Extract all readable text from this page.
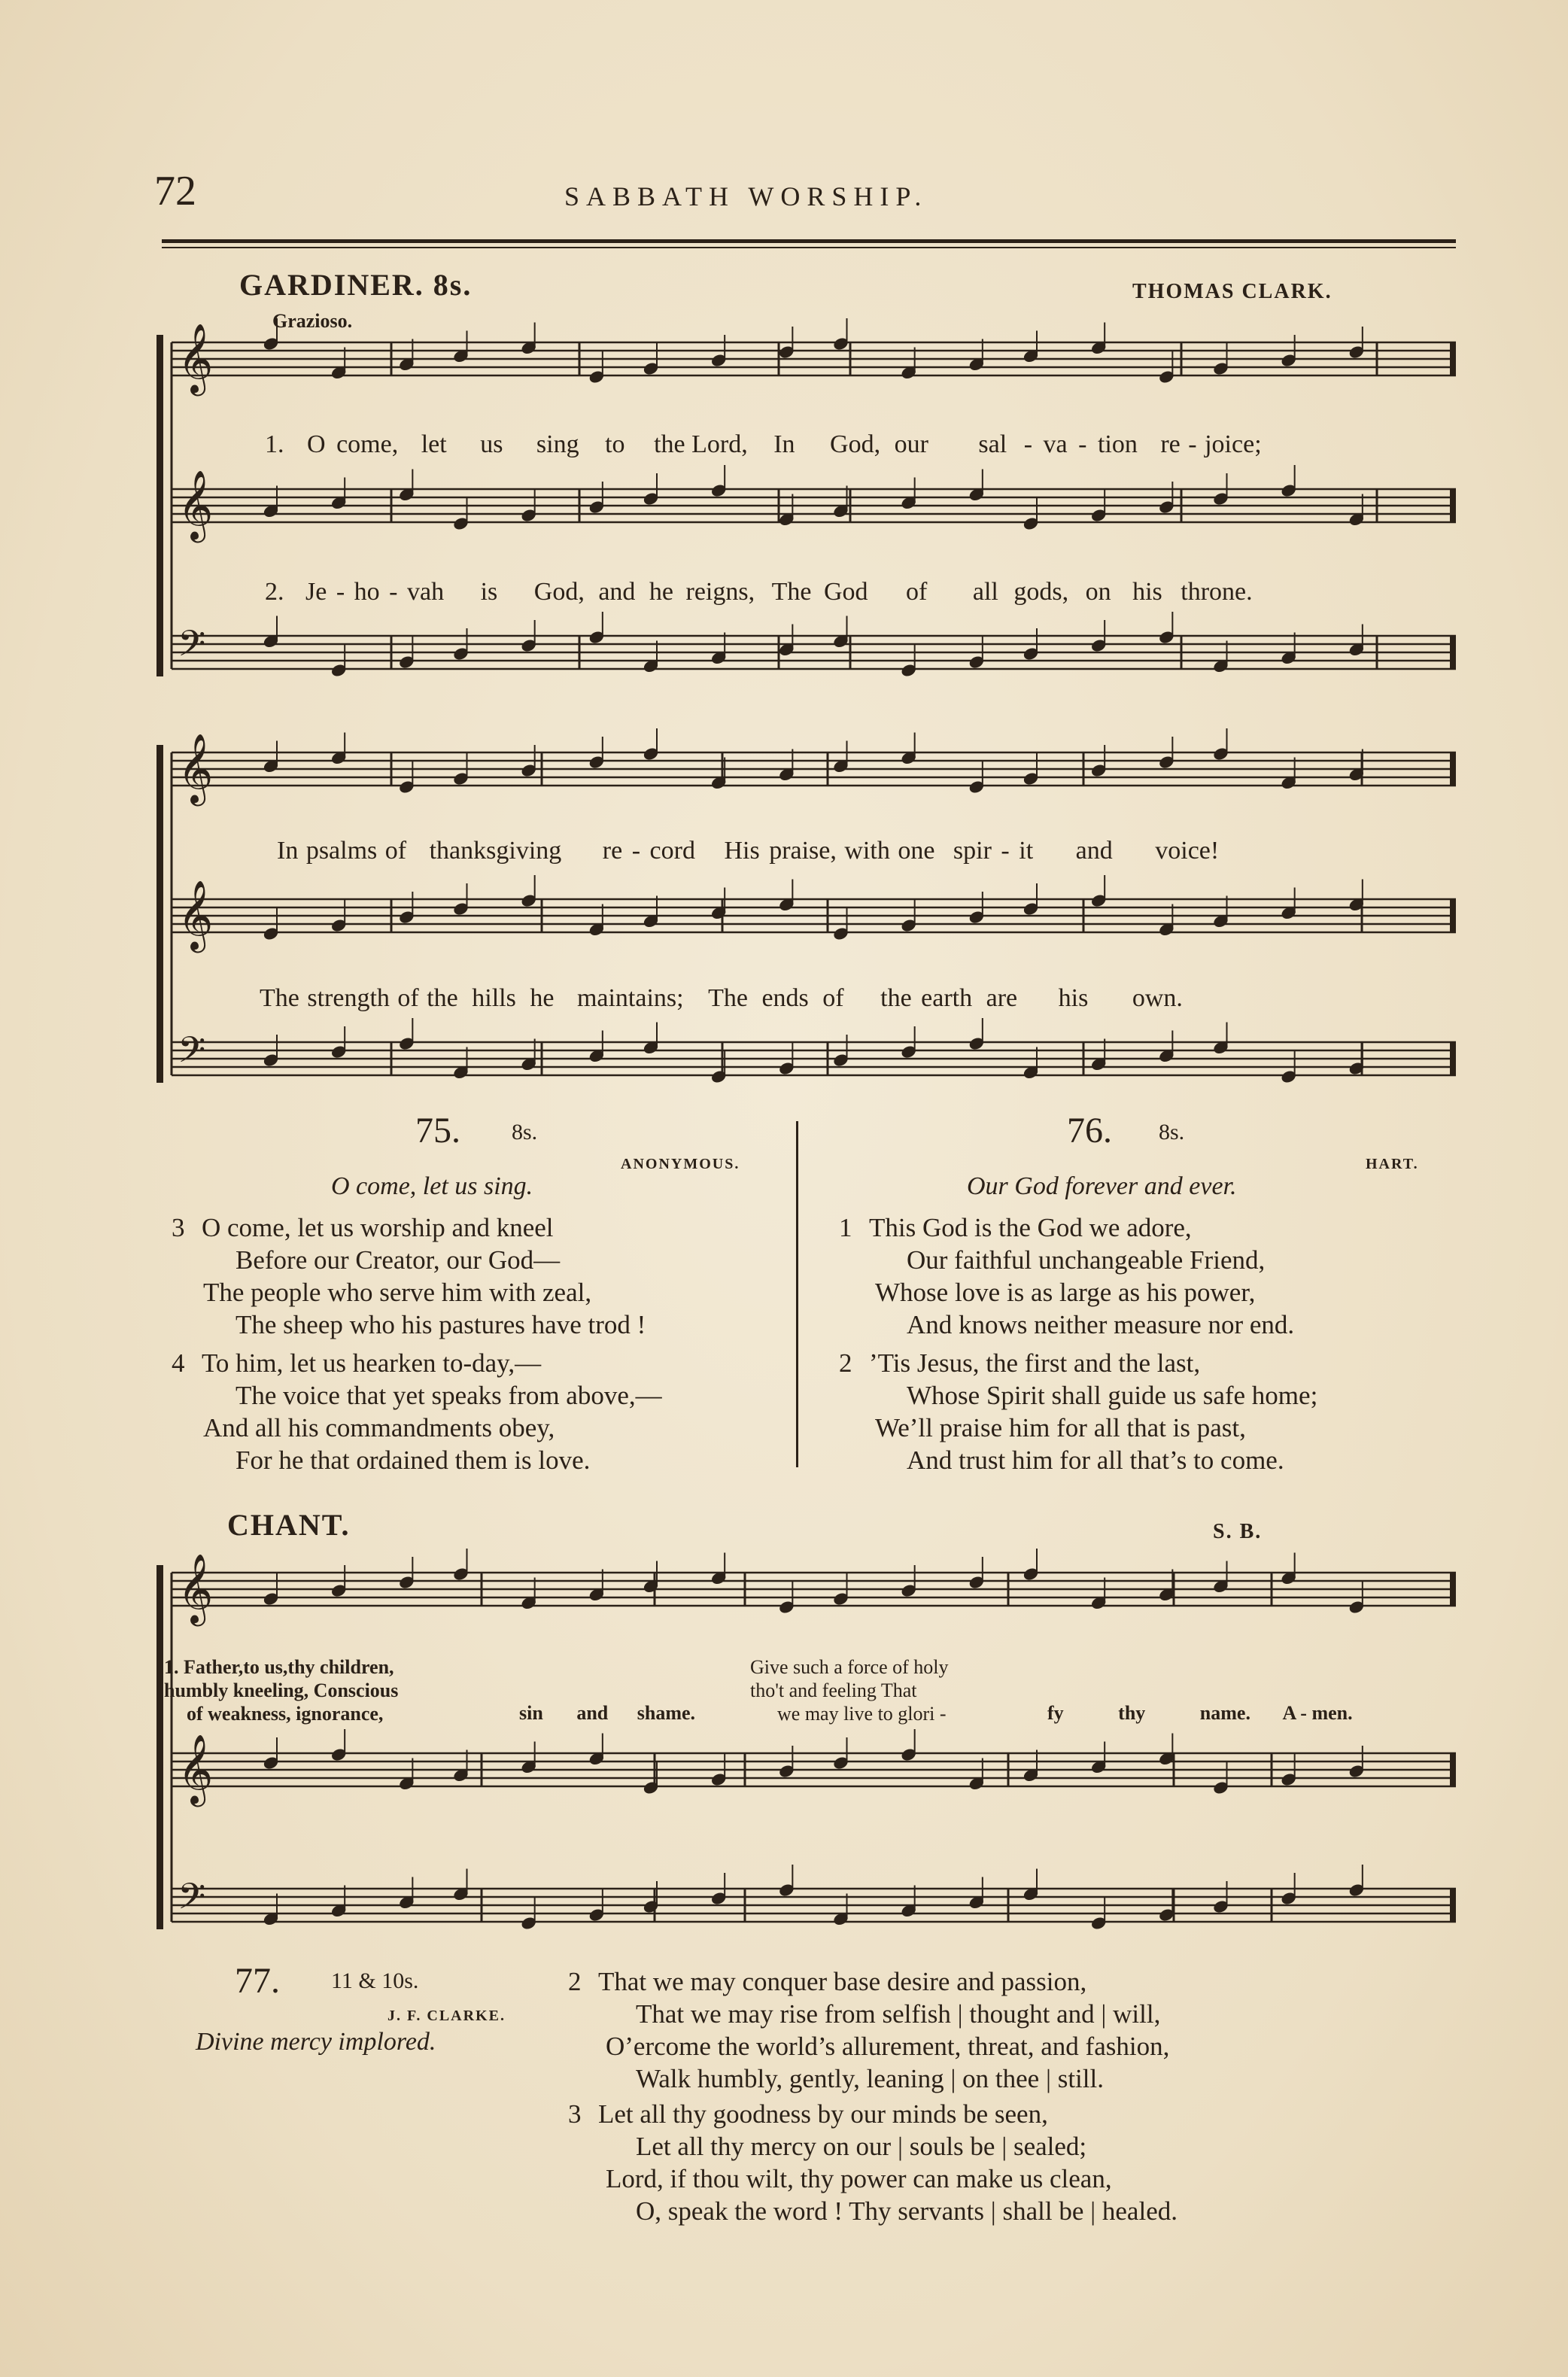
72	SABBATH WORSHIP.
GARDINER. 8s.	THOMAS CLARK.
Grazioso.
𝄞
𝄞
𝄢
𝄞
𝄞
𝄢
𝄞
𝄞
𝄢
1. O come, let us sing to the Lord, In God, our sal - va - tion re - joice;
2. Je - ho - vah is God, and he reigns, The God of all gods, on his throne.
In psalms of thanksgiving re - cord His praise, with one spir - it and voice!
The strength of the hills he maintains; The ends of the earth are his own.
75. 8s.
ANONYMOUS.
O come, let us sing.
3 O come, let us worship and kneel
Before our Creator, our God—
The people who serve him with zeal,
The sheep who his pastures have trod !
4 To him, let us hearken to-day,—
The voice that yet speaks from above,—
And all his commandments obey,
For he that ordained them is love.
76. 8s.
HART.
Our God forever and ever.
1 This God is the God we adore,
Our faithful unchangeable Friend,
Whose love is as large as his power,
And knows neither measure nor end.
2 ’Tis Jesus, the first and the last,
Whose Spirit shall guide us safe home;
We’ll praise him for all that is past,
And trust him for all that’s to come.
CHANT.	S. B.
1. Father,to us,thy children,
humbly kneeling, Conscious
of weakness, ignorance,	sin and shame.
Give such a force of holy
tho't and feeling That
we may live to glori -	fy	thy	name. A - men.
77. 11 & 10s.
J. F. CLARKE.
Divine mercy implored.
2 That we may conquer base desire and passion,
That we may rise from selfish | thought and | will,
O’ercome the world’s allurement, threat, and fashion,
Walk humbly, gently, leaning | on thee | still.
3 Let all thy goodness by our minds be seen,
Let all thy mercy on our | souls be | sealed;
Lord, if thou wilt, thy power can make us clean,
O, speak the word ! Thy servants | shall be | healed.
